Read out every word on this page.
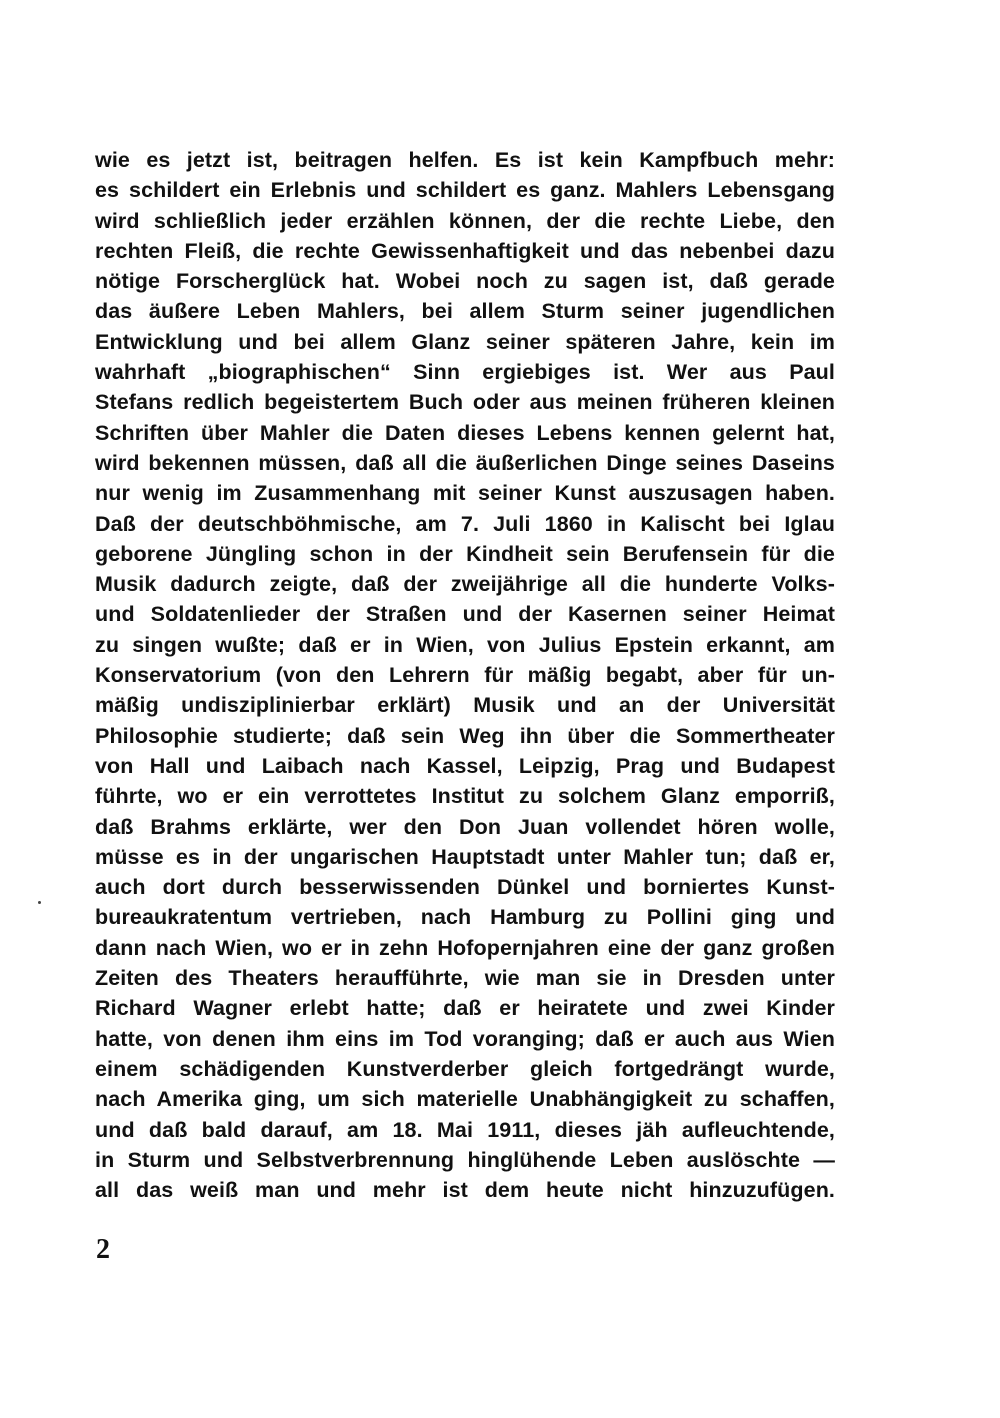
wie es jetzt ist, beitragen helfen. Es ist kein Kampfbuch mehr:
es schildert ein Erlebnis und schildert es ganz. Mahlers Lebensgang
wird schließlich jeder erzählen können, der die rechte Liebe, den
rechten Fleiß, die rechte Gewissenhaftigkeit und das nebenbei dazu
nötige Forscherglück hat. Wobei noch zu sagen ist, daß gerade
das äußere Leben Mahlers, bei allem Sturm seiner jugendlichen
Entwicklung und bei allem Glanz seiner späteren Jahre, kein im
wahrhaft „biographischen“ Sinn ergiebiges ist. Wer aus Paul
Stefans redlich begeistertem Buch oder aus meinen früheren kleinen
Schriften über Mahler die Daten dieses Lebens kennen gelernt hat,
wird bekennen müssen, daß all die äußerlichen Dinge seines Daseins
nur wenig im Zusammenhang mit seiner Kunst auszusagen haben.
Daß der deutschböhmische, am 7. Juli 1860 in Kalischt bei Iglau
geborene Jüngling schon in der Kindheit sein Berufensein für die
Musik dadurch zeigte, daß der zweijährige all die hunderte Volks-
und Soldatenlieder der Straßen und der Kasernen seiner Heimat
zu singen wußte; daß er in Wien, von Julius Epstein erkannt, am
Konservatorium (von den Lehrern für mäßig begabt, aber für un-
mäßig undisziplinierbar erklärt) Musik und an der Universität
Philosophie studierte; daß sein Weg ihn über die Sommertheater
von Hall und Laibach nach Kassel, Leipzig, Prag und Budapest
führte, wo er ein verrottetes Institut zu solchem Glanz emporriß,
daß Brahms erklärte, wer den Don Juan vollendet hören wolle,
müsse es in der ungarischen Hauptstadt unter Mahler tun; daß er,
auch dort durch besserwissenden Dünkel und borniertes Kunst-
bureaukratentum vertrieben, nach Hamburg zu Pollini ging und
dann nach Wien, wo er in zehn Hofopernjahren eine der ganz großen
Zeiten des Theaters heraufführte, wie man sie in Dresden unter
Richard Wagner erlebt hatte; daß er heiratete und zwei Kinder
hatte, von denen ihm eins im Tod voranging; daß er auch aus Wien
einem schädigenden Kunstverderber gleich fortgedrängt wurde,
nach Amerika ging, um sich materielle Unabhängigkeit zu schaffen,
und daß bald darauf, am 18. Mai 1911, dieses jäh aufleuchtende,
in Sturm und Selbstverbrennung hinglühende Leben auslöschte —
all das weiß man und mehr ist dem heute nicht hinzuzufügen.
2
